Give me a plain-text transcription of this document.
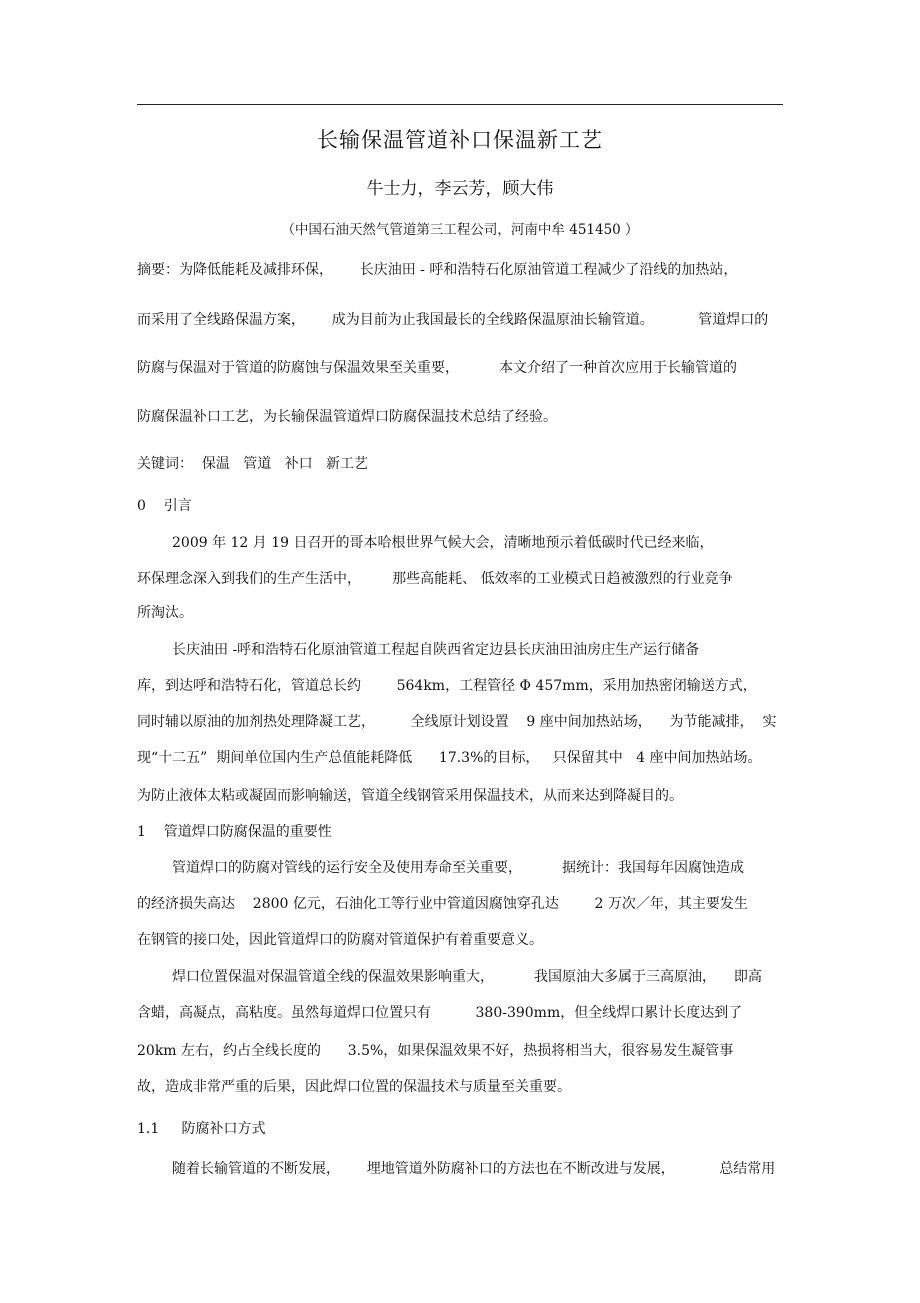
长输保温管道补口保温新工艺
牛士力，李云芳，顾大伟
（中国石油天然气管道第三工程公司，河南中牟 451450 ）
摘要：为降低能耗及减排环保，      长庆油田 - 呼和浩特石化原油管道工程减少了沿线的加热站，
而采用了全线路保温方案，      成为目前为止我国最长的全线路保温原油长输管道。          管道焊口的
防腐与保温对于管道的防腐蚀与保温效果至关重要，         本文介绍了一种首次应用于长输管道的
防腐保温补口工艺，为长输保温管道焊口防腐保温技术总结了经验。
关键词：  保温   管道   补口   新工艺
0    引言
2009 年 12 月 19 日召开的哥本哈根世界气候大会，清晰地预示着低碳时代已经来临，
环保理念深入到我们的生产生活中，       那些高能耗、 低效率的工业模式日趋被激烈的行业竞争
所淘汰。
长庆油田 -呼和浩特石化原油管道工程起自陕西省定边县长庆油田油房庄生产运行储备
库，到达呼和浩特石化，管道总长约        564km，工程管径 Φ 457mm，采用加热密闭输送方式，
同时辅以原油的加剂热处理降凝工艺，        全线原计划设置    9 座中间加热站场，    为节能减排，  实
现“十二五”  期间单位国内生产总值能耗降低      17.3%的目标，   只保留其中   4 座中间加热站场。
为防止液体太粘或凝固而影响输送，管道全线钢管采用保温技术，从而来达到降凝目的。
1    管道焊口防腐保温的重要性
管道焊口的防腐对管线的运行安全及使用寿命至关重要，         据统计：我国每年因腐蚀造成
的经济损失高达    2800 亿元，石油化工等行业中管道因腐蚀穿孔达        2 万次／年，其主要发生
在钢管的接口处，因此管道焊口的防腐对管道保护有着重要意义。
焊口位置保温对保温管道全线的保温效果影响重大，         我国原油大多属于三高原油，    即高
含蜡，高凝点，高粘度。虽然每道焊口位置只有          380-390mm，但全线焊口累计长度达到了
20km 左右，约占全线长度的      3.5%，如果保温效果不好，热损将相当大，很容易发生凝管事
故，造成非常严重的后果，因此焊口位置的保温技术与质量至关重要。
1.1     防腐补口方式
随着长输管道的不断发展，      埋地管道外防腐补口的方法也在不断改进与发展，          总结常用
